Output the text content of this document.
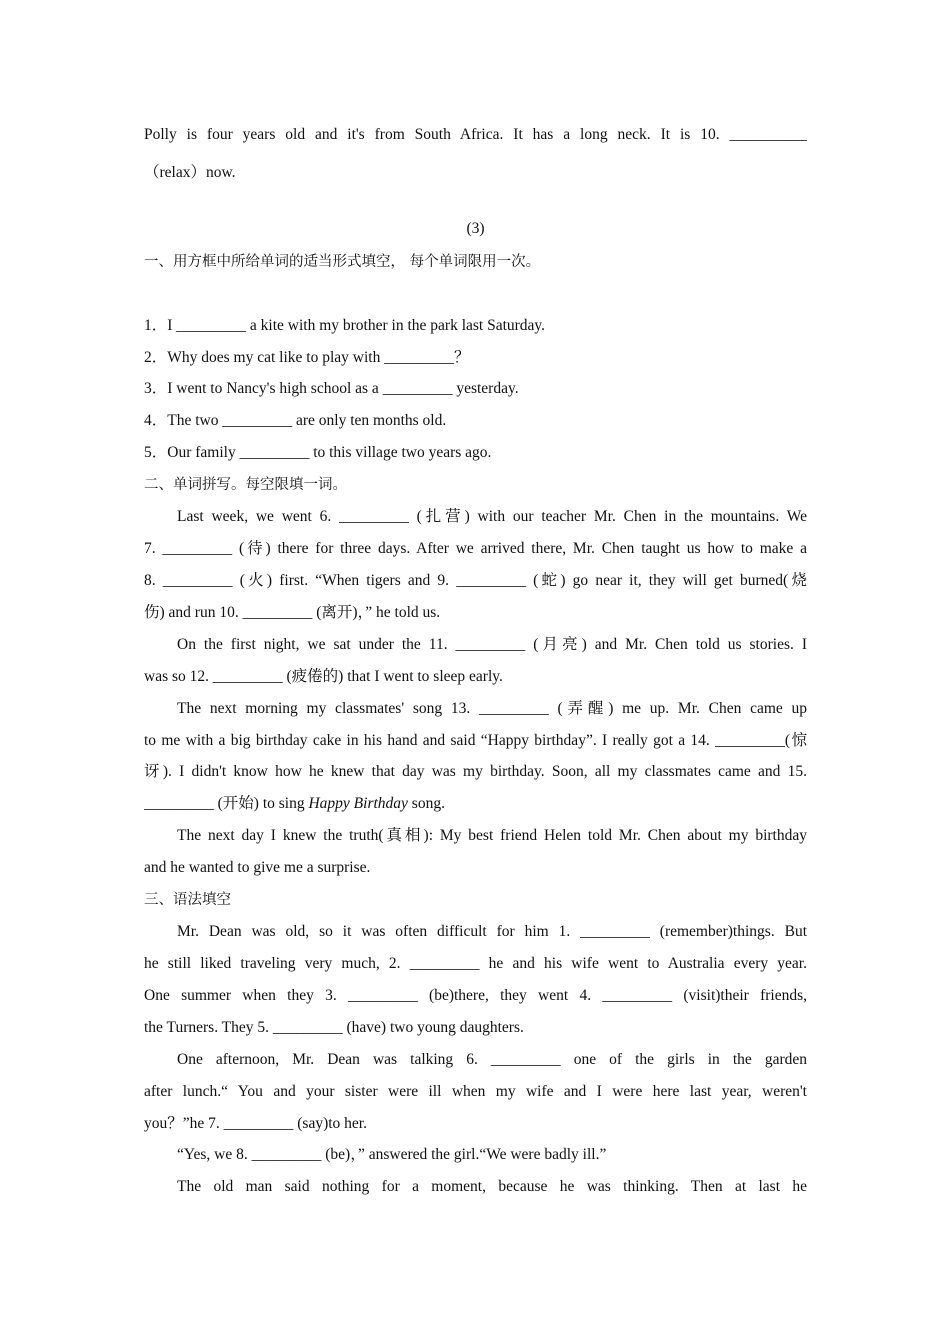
Polly is four years old and it's from South Africa. It has a long neck. It is 10. __________
（relax）now.
(3)
一、用方框中所给单词的适当形式填空， 每个单词限用一次。
1．I _________ a kite with my brother in the park last Saturday.
2．Why does my cat like to play with _________？
3．I went to Nancy's high school as a _________ yesterday.
4．The two _________ are only ten months old.
5．Our family _________ to this village two years ago.
二、单词拼写。每空限填一词。
Last week, we went 6. _________ (扎营) with our teacher Mr. Chen in the mountains. We
7. _________ (待) there for three days. After we arrived there, Mr. Chen taught us how to make a
8. _________ (火) first. “When tigers and 9. _________ (蛇) go near it, they will get burned(烧
伤) and run 10. _________ (离开)，” he told us.
On the first night, we sat under the 11. _________ (月亮) and Mr. Chen told us stories. I
was so 12. _________ (疲倦的) that I went to sleep early.
The next morning my classmates' song 13. _________ (弄醒) me up. Mr. Chen came up
to me with a big birthday cake in his hand and said “Happy birthday”. I really got a 14. _________(惊
讶). I didn't know how he knew that day was my birthday. Soon, all my classmates came and 15.
_________ (开始) to sing Happy Birthday song.
The next day I knew the truth(真相): My best friend Helen told Mr. Chen about my birthday
and he wanted to give me a surprise.
三、语法填空
Mr. Dean was old, so it was often difficult for him 1. _________ (remember)things. But
he still liked traveling very much, 2. _________ he and his wife went to Australia every year.
One summer when they 3. _________ (be)there, they went 4. _________ (visit)their friends,
the Turners. They 5. _________ (have) two young daughters.
One afternoon, Mr. Dean was talking 6. _________ one of the girls in the garden
after lunch.“ You and your sister were ill when my wife and I were here last year, weren't
you？”he 7. _________ (say)to her.
“Yes, we 8. _________ (be)，” answered the girl.“We were badly ill.”
The old man said nothing for a moment, because he was thinking. Then at last he
